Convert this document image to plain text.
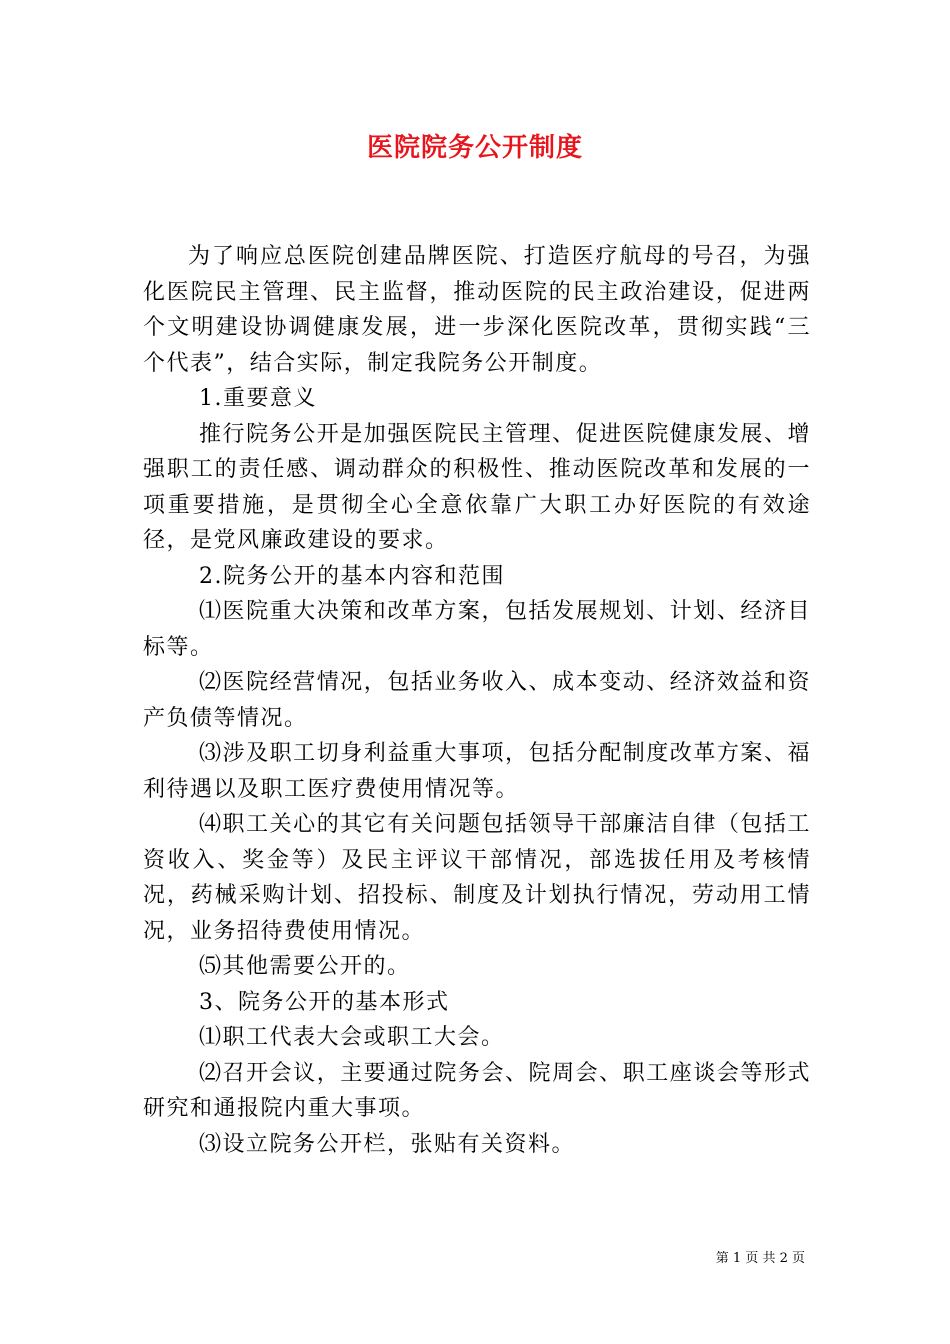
医院院务公开制度

为了响应总医院创建品牌医院、打造医疗航母的号召，为强化医院民主管理、民主监督，推动医院的民主政治建设，促进两个文明建设协调健康发展，进一步深化医院改革，贯彻实践“三个代表”，结合实际，制定我院务公开制度。

1.重要意义

推行院务公开是加强医院民主管理、促进医院健康发展、增强职工的责任感、调动群众的积极性、推动医院改革和发展的一项重要措施，是贯彻全心全意依靠广大职工办好医院的有效途径，是党风廉政建设的要求。

2.院务公开的基本内容和范围

⑴医院重大决策和改革方案，包括发展规划、计划、经济目标等。

⑵医院经营情况，包括业务收入、成本变动、经济效益和资产负债等情况。

⑶涉及职工切身利益重大事项，包括分配制度改革方案、福利待遇以及职工医疗费使用情况等。

⑷职工关心的其它有关问题包括领导干部廉洁自律（包括工资收入、奖金等）及民主评议干部情况，部选拔任用及考核情况，药械采购计划、招投标、制度及计划执行情况，劳动用工情况，业务招待费使用情况。

⑸其他需要公开的。

3、院务公开的基本形式

⑴职工代表大会或职工大会。

⑵召开会议，主要通过院务会、院周会、职工座谈会等形式研究和通报院内重大事项。

⑶设立院务公开栏，张贴有关资料。

第 1 页 共 2 页
